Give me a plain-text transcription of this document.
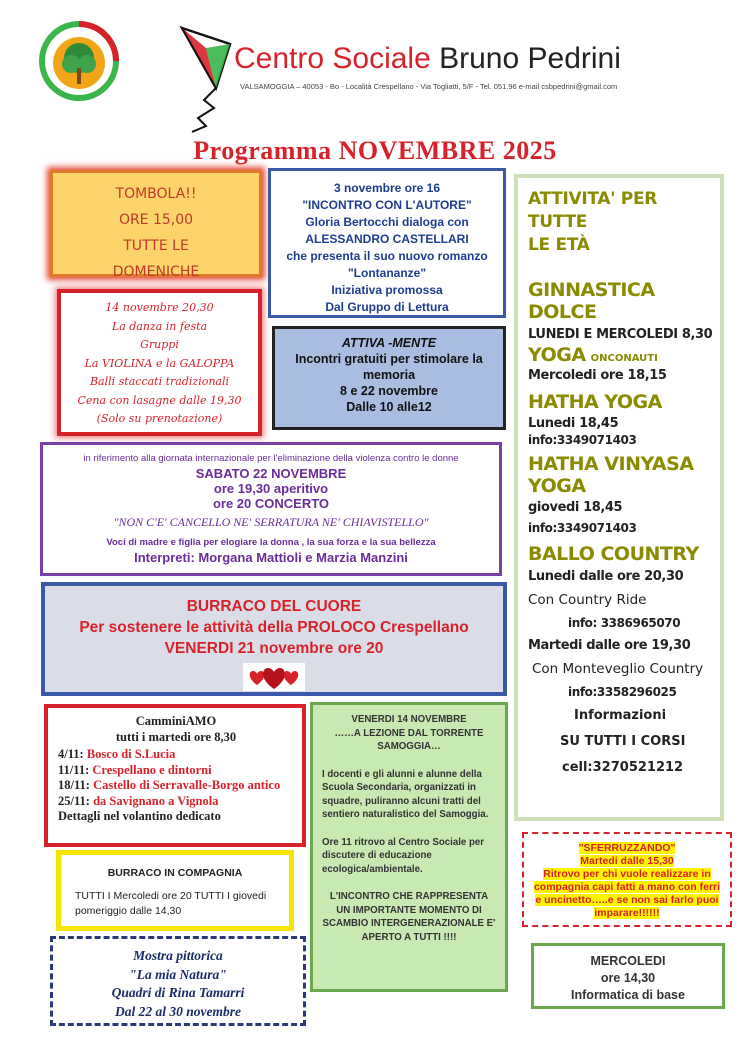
Centro Sociale Bruno Pedrini
VALSAMOGGIA – 40053 - Bo - Località Crespellano - Via Togliatti, 5/F - Tel. 051.96 e-mail csbpedrini@gmail.com
Programma NOVEMBRE 2025
TOMBOLA!!
ORE 15,00
TUTTE LE
DOMENICHE
14 novembre 20,30
La danza in festa
Gruppi
La VIOLINA e la GALOPPA
Balli staccati tradizionali
Cena con lasagne dalle 19,30
(Solo su prenotazione)
3 novembre ore 16
"INCONTRO CON L'AUTORE"
Gloria Bertocchi dialoga con
ALESSANDRO CASTELLARI
che presenta il suo nuovo romanzo
"Lontananze"
Iniziativa promossa
Dal Gruppo di Lettura
ATTIVA -MENTE
Incontri gratuiti per stimolare la
memoria
8 e 22 novembre
Dalle 10 alle12
ATTIVITA' PER TUTTE
LE ETÀ
GINNASTICA DOLCE
LUNEDI E MERCOLEDI 8,30
YOGA ONCONAUTI
Mercoledi ore 18,15
HATHA YOGA
Lunedi 18,45
info:3349071403
HATHA VINYASA YOGA
giovedi 18,45
info:3349071403
BALLO COUNTRY
Lunedi dalle ore 20,30
Con Country Ride
info: 3386965070
Martedi dalle ore 19,30
Con Monteveglio Country
info:3358296025
Informazioni
SU TUTTI I CORSI
cell:3270521212
in riferimento alla giornata internazionale per l'eliminazione della violenza contro le donne
SABATO 22 NOVEMBRE
ore 19,30 aperitivo
ore 20 CONCERTO
"NON C'E' CANCELLO NE' SERRATURA NE' CHIAVISTELLO"
Voci di madre e figlia per elogiare la donna , la sua forza e la sua bellezza
Interpreti: Morgana Mattioli e Marzia Manzini
BURRACO DEL CUORE
Per sostenere le attività della PROLOCO Crespellano
VENERDI 21 novembre ore 20
CamminiAMO
tutti i martedi ore 8,30
4/11: Bosco di S.Lucia
11/11: Crespellano e dintorni
18/11: Castello di Serravalle-Borgo antico
25/11: da Savignano a Vignola
Dettagli nel volantino dedicato
VENERDI 14 NOVEMBRE
……A LEZIONE DAL TORRENTE
SAMOGGIA…
I docenti e gli alunni e alunne della Scuola Secondaria, organizzati in squadre, puliranno alcuni tratti del sentiero naturalistico del Samoggia.
Ore 11 ritrovo al Centro Sociale per discutere di educazione ecologica/ambientale.
L'INCONTRO CHE RAPPRESENTA UN IMPORTANTE MOMENTO DI SCAMBIO INTERGENERAZIONALE E' APERTO A TUTTI !!!!
BURRACO IN COMPAGNIA
TUTTI I Mercoledi ore 20 TUTTI I giovedi pomeriggio dalle 14,30
Mostra pittorica
"La mia Natura"
Quadri di Rina Tamarri
Dal 22 al 30 novembre
"SFERRUZZANDO"
Martedi dalle 15,30
Ritrovo per chi vuole realizzare in compagnia capi fatti a mano con ferri e uncinetto…..e se non sai farlo puoi imparare!!!!!!
MERCOLEDI
ore 14,30
Informatica di base
